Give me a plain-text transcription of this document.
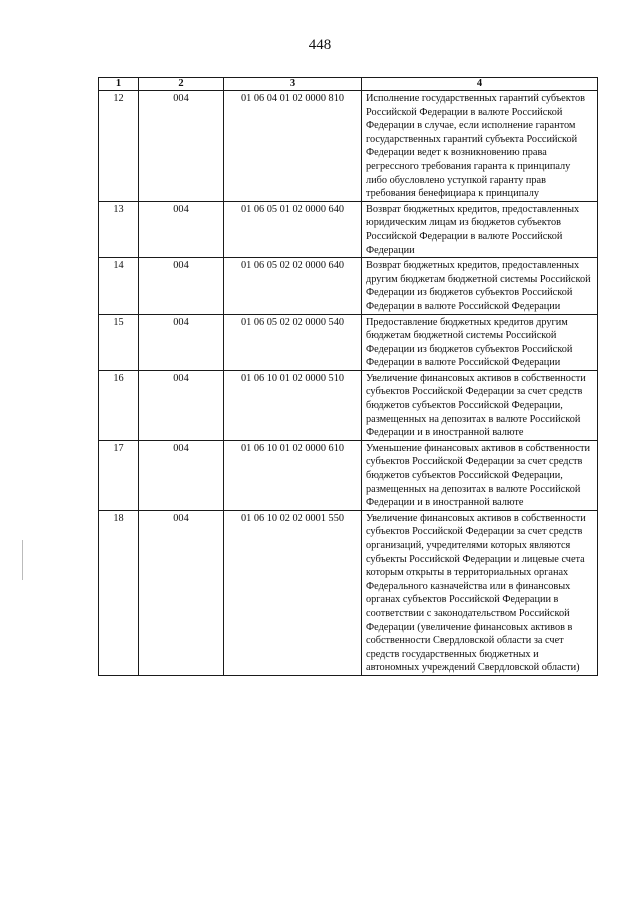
448
1	2	3	4
12	004	01 06 04 01 02 0000 810	Исполнение государственных гарантий субъектов Российской Федерации в валюте Российской Федерации в случае, если исполнение гарантом государственных гарантий субъекта Российской Федерации ведет к возникновению права регрессного требования гаранта к принципалу либо обусловлено уступкой гаранту прав требования бенефициара к принципалу
13	004	01 06 05 01 02 0000 640	Возврат бюджетных кредитов, предоставленных юридическим лицам из бюджетов субъектов Российской Федерации в валюте Российской Федерации
14	004	01 06 05 02 02 0000 640	Возврат бюджетных кредитов, предоставленных другим бюджетам бюджетной системы Российской Федерации из бюджетов субъектов Российской Федерации в валюте Российской Федерации
15	004	01 06 05 02 02 0000 540	Предоставление бюджетных кредитов другим бюджетам бюджетной системы Российской Федерации из бюджетов субъектов Российской Федерации в валюте Российской Федерации
16	004	01 06 10 01 02 0000 510	Увеличение финансовых активов в собственности субъектов Российской Федерации за счет средств бюджетов субъектов Российской Федерации, размещенных на депозитах в валюте Российской Федерации и в иностранной валюте
17	004	01 06 10 01 02 0000 610	Уменьшение финансовых активов в собственности субъектов Российской Федерации за счет средств бюджетов субъектов Российской Федерации, размещенных на депозитах в валюте Российской Федерации и в иностранной валюте
18	004	01 06 10 02 02 0001 550	Увеличение финансовых активов в собственности субъектов Российской Федерации за счет средств организаций, учредителями которых являются субъекты Российской Федерации и лицевые счета которым открыты в территориальных органах Федерального казначейства или в финансовых органах субъектов Российской Федерации в соответствии с законодательством Российской Федерации (увеличение финансовых активов в собственности Свердловской области за счет средств государственных бюджетных и автономных учреждений Свердловской области)
